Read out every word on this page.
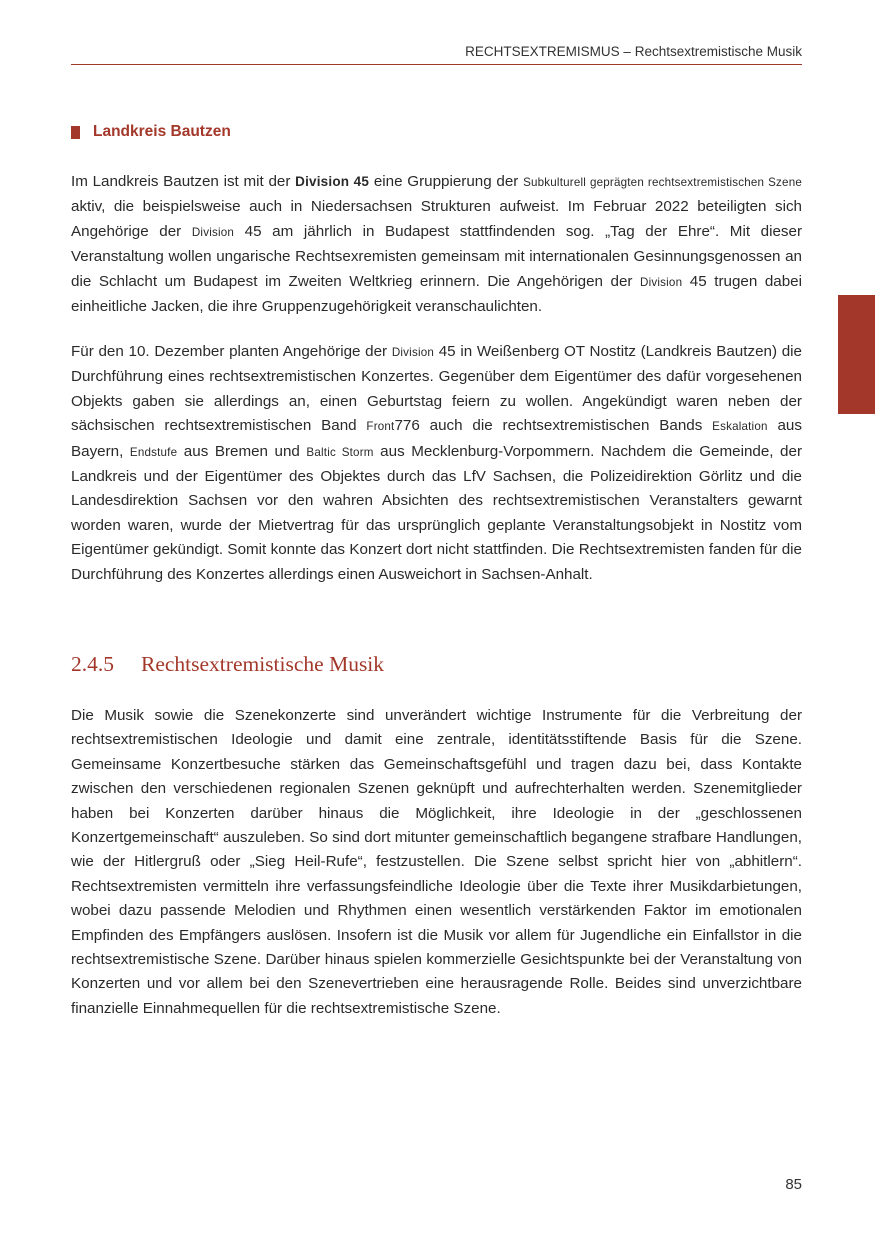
RECHTSEXTREMISMUS – Rechtsextremistische Musik
Landkreis Bautzen

Im Landkreis Bautzen ist mit der Division 45 eine Gruppierung der Subkulturell geprägten rechtsextremistischen Szene aktiv, die beispielsweise auch in Niedersachsen Strukturen aufweist. Im Februar 2022 beteiligten sich Angehörige der Division 45 am jährlich in Budapest stattfindenden sog. „Tag der Ehre“. Mit dieser Veranstaltung wollen ungarische Rechtsexremisten gemeinsam mit internationalen Gesinnungsgenossen an die Schlacht um Budapest im Zweiten Weltkrieg erinnern. Die Angehörigen der Division 45 trugen dabei einheitliche Jacken, die ihre Gruppenzugehörigkeit veranschaulichten.

Für den 10. Dezember planten Angehörige der Division 45 in Weißenberg OT Nostitz (Landkreis Bautzen) die Durchführung eines rechtsextremistischen Konzertes. Gegenüber dem Eigentümer des dafür vorgesehenen Objekts gaben sie allerdings an, einen Geburtstag feiern zu wollen. Angekündigt waren neben der sächsischen rechtsextremistischen Band Front776 auch die rechtsextremistischen Bands Eskalation aus Bayern, Endstufe aus Bremen und Baltic Storm aus Mecklenburg-Vorpommern. Nachdem die Gemeinde, der Landkreis und der Eigentümer des Objektes durch das LfV Sachsen, die Polizeidirektion Görlitz und die Landesdirektion Sachsen vor den wahren Absichten des rechtsextremistischen Veranstalters gewarnt worden waren, wurde der Mietvertrag für das ursprünglich geplante Veranstaltungsobjekt in Nostitz vom Eigentümer gekündigt. Somit konnte das Konzert dort nicht stattfinden. Die Rechtsextremisten fanden für die Durchführung des Konzertes allerdings einen Ausweichort in Sachsen-Anhalt.

2.4.5 Rechtsextremistische Musik

Die Musik sowie die Szenekonzerte sind unverändert wichtige Instrumente für die Verbreitung der rechtsextremistischen Ideologie und damit eine zentrale, identitätsstiftende Basis für die Szene. Gemeinsame Konzertbesuche stärken das Gemeinschaftsgefühl und tragen dazu bei, dass Kontakte zwischen den verschiedenen regionalen Szenen geknüpft und aufrechterhalten werden. Szenemitglieder haben bei Konzerten darüber hinaus die Möglichkeit, ihre Ideologie in der „geschlossenen Konzertgemeinschaft“ auszuleben. So sind dort mitunter gemeinschaftlich begangene strafbare Handlungen, wie der Hitlergruß oder „Sieg Heil-Rufe“, festzustellen. Die Szene selbst spricht hier von „abhitlern“. Rechtsextremisten vermitteln ihre verfassungsfeindliche Ideologie über die Texte ihrer Musikdarbietungen, wobei dazu passende Melodien und Rhythmen einen wesentlich verstärkenden Faktor im emotionalen Empfinden des Empfängers auslösen. Insofern ist die Musik vor allem für Jugendliche ein Einfallstor in die rechtsextremistische Szene. Darüber hinaus spielen kommerzielle Gesichtspunkte bei der Veranstaltung von Konzerten und vor allem bei den Szenevertrieben eine herausragende Rolle. Beides sind unverzichtbare finanzielle Einnahmequellen für die rechtsextremistische Szene.

85
